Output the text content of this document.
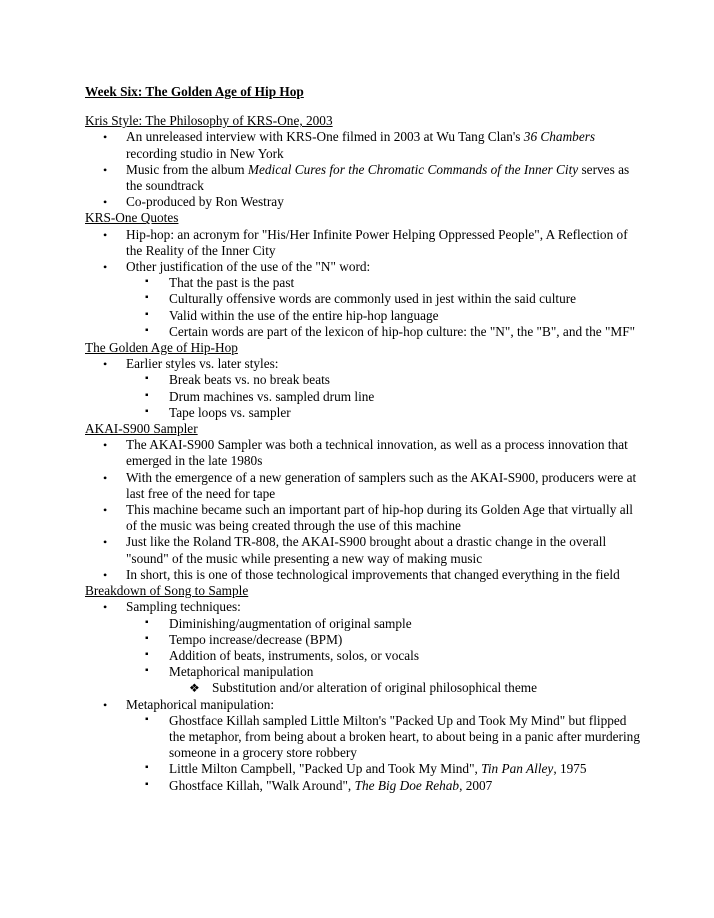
Week Six: The Golden Age of Hip Hop
Kris Style: The Philosophy of KRS-One, 2003
• An unreleased interview with KRS-One filmed in 2003 at Wu Tang Clan's 36 Chambers recording studio in New York
• Music from the album Medical Cures for the Chromatic Commands of the Inner City serves as the soundtrack
• Co-produced by Ron Westray
KRS-One Quotes
• Hip-hop: an acronym for "His/Her Infinite Power Helping Oppressed People", A Reflection of the Reality of the Inner City
• Other justification of the use of the "N" word:
▪ That the past is the past
▪ Culturally offensive words are commonly used in jest within the said culture
▪ Valid within the use of the entire hip-hop language
▪ Certain words are part of the lexicon of hip-hop culture: the "N", the "B", and the "MF"
The Golden Age of Hip-Hop
• Earlier styles vs. later styles:
▪ Break beats vs. no break beats
▪ Drum machines vs. sampled drum line
▪ Tape loops vs. sampler
AKAI-S900 Sampler
• The AKAI-S900 Sampler was both a technical innovation, as well as a process innovation that emerged in the late 1980s
• With the emergence of a new generation of samplers such as the AKAI-S900, producers were at last free of the need for tape
• This machine became such an important part of hip-hop during its Golden Age that virtually all of the music was being created through the use of this machine
• Just like the Roland TR-808, the AKAI-S900 brought about a drastic change in the overall "sound" of the music while presenting a new way of making music
• In short, this is one of those technological improvements that changed everything in the field
Breakdown of Song to Sample
• Sampling techniques:
▪ Diminishing/augmentation of original sample
▪ Tempo increase/decrease (BPM)
▪ Addition of beats, instruments, solos, or vocals
▪ Metaphorical manipulation
❖ Substitution and/or alteration of original philosophical theme
• Metaphorical manipulation:
▪ Ghostface Killah sampled Little Milton's "Packed Up and Took My Mind" but flipped the metaphor, from being about a broken heart, to about being in a panic after murdering someone in a grocery store robbery
▪ Little Milton Campbell, "Packed Up and Took My Mind", Tin Pan Alley, 1975
▪ Ghostface Killah, "Walk Around", The Big Doe Rehab, 2007
